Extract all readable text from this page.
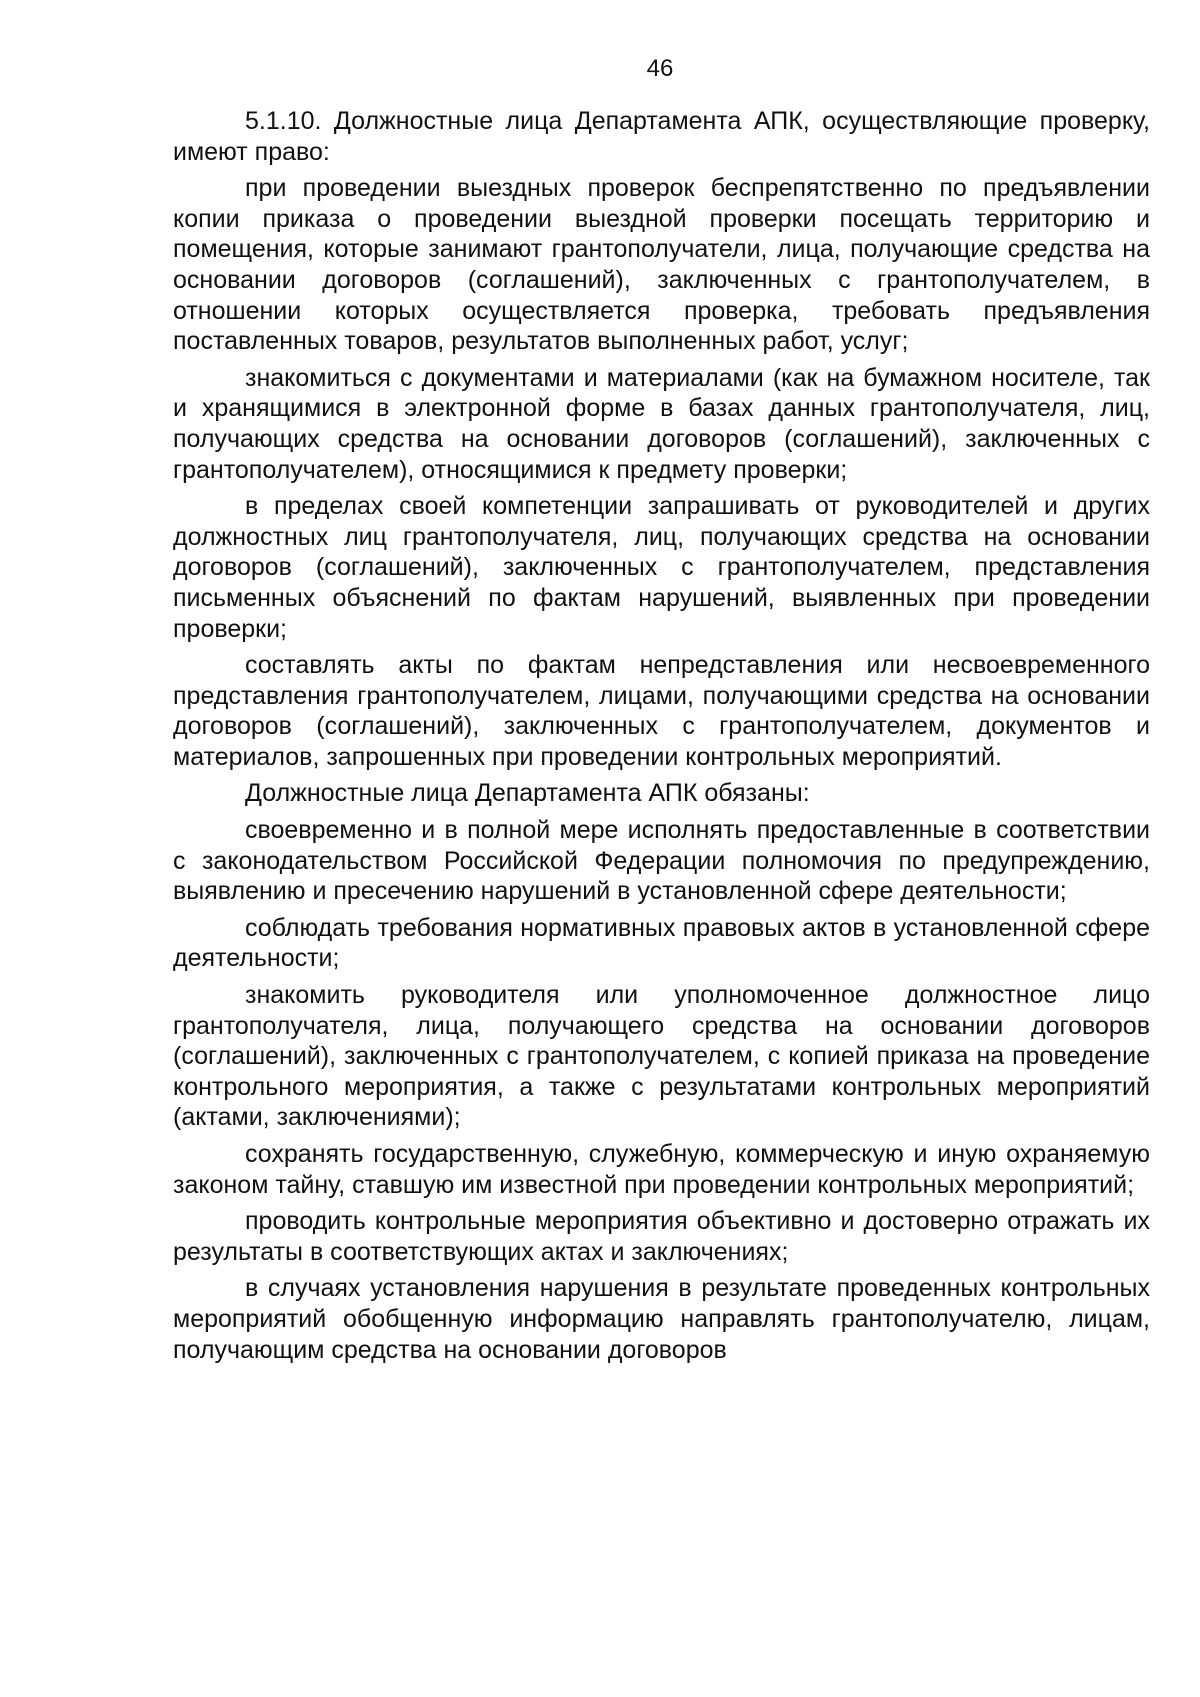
46

5.1.10. Должностные лица Департамента АПК, осуществляющие проверку, имеют право:

при проведении выездных проверок беспрепятственно по предъявлении копии приказа о проведении выездной проверки посещать территорию и помещения, которые занимают грантополучатели, лица, получающие средства на основании договоров (соглашений), заключенных с грантополучателем, в отношении которых осуществляется проверка, требовать предъявления поставленных товаров, результатов выполненных работ, услуг;

знакомиться с документами и материалами (как на бумажном носителе, так и хранящимися в электронной форме в базах данных грантополучателя, лиц, получающих средства на основании договоров (соглашений), заключенных с грантополучателем), относящимися к предмету проверки;

в пределах своей компетенции запрашивать от руководителей и других должностных лиц грантополучателя, лиц, получающих средства на основании договоров (соглашений), заключенных с грантополучателем, представления письменных объяснений по фактам нарушений, выявленных при проведении проверки;

составлять акты по фактам непредставления или несвоевременного представления грантополучателем, лицами, получающими средства на основании договоров (соглашений), заключенных с грантополучателем, документов и материалов, запрошенных при проведении контрольных мероприятий.

Должностные лица Департамента АПК обязаны:

своевременно и в полной мере исполнять предоставленные в соответствии с законодательством Российской Федерации полномочия по предупреждению, выявлению и пресечению нарушений в установленной сфере деятельности;

соблюдать требования нормативных правовых актов в установленной сфере деятельности;

знакомить руководителя или уполномоченное должностное лицо грантополучателя, лица, получающего средства на основании договоров (соглашений), заключенных с грантополучателем, с копией приказа на проведение контрольного мероприятия, а также с результатами контрольных мероприятий (актами, заключениями);

сохранять государственную, служебную, коммерческую и иную охраняемую законом тайну, ставшую им известной при проведении контрольных мероприятий;

проводить контрольные мероприятия объективно и достоверно отражать их результаты в соответствующих актах и заключениях;

в случаях установления нарушения в результате проведенных контрольных мероприятий обобщенную информацию направлять грантополучателю, лицам, получающим средства на основании договоров
